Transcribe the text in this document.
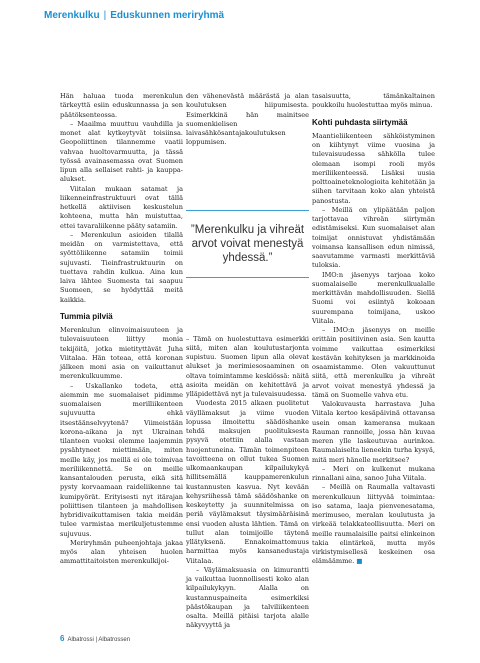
Merenkulku | Eduskunnen meriryhmä

Hän haluaa tuoda merenkulun tärkeyttä esiin eduskunnassa ja sen päätöksenteossa.

– Maailma muuttuu vauhdilla ja monet alat kytkeytyvät toisiinsa. Geopoliittinen tilannemme vaatii vahvaa huoltovarmuutta, ja tässä työssä avainasemassa ovat Suomen lipun alla sellaiset rahti- ja kauppa-alukset.

Viitalan mukaan satamat ja liikenneinfrastruktuuri ovat tällä hetkellä aktiivisen keskustelun kohteena, mutta hän muistuttaa, ettei tavaraliikenne pääty satamiin.

– Merenkulun asioiden tilallä meidän on varmistettava, että syöttöliikenne satamiin toimii sujuvasti. Tieinfrastruktuurin on tuettava rahdin kulkua. Aina kun laiva lähtee Suomesta tai saapuu Suomeen, se hyödyttää meitä kaikkia.

Tummia pilviä

Merenkulun elinvoimaisuuteen ja tulevaisuuteen liittyy monia tekijöitä, jotka mietityttävät Juha Viitalaa. Hän toteaa, että koronan jälkeen moni asia on vaikuttanut merenkulkuumme.

– Uskallanko todeta, että aiemmin me suomalaiset pidimme suomalaisen merilliikenteen sujuvuutta ehkä itsestäänselvyytenä? Viimeistään korona-aikana ja nyt Ukrainan tilanteen vuoksi olemme laajemmin pysähtyneet miettimään, miten meille käy, jos meillä ei ole toimivaa meriliikennettä. Se on meille kansantalouden perusta, eikä sitä pysty korvaamaan raideliikenne tai kumipyörät. Erityisesti nyt itärajan poliittisen tilanteen ja mahdollisen hybridivaikuttamisen takia meidän tulee varmistaa merikuljetustemme sujuvuus.

Meriryhmän puheenjohtaja jakaa myös alan yhteisen huolen ammattitaitoisten merenkulkijoi-

den vähenevästä määrästä ja alan koulutuksen hiipumisesta. Esimerkkinä hän mainitsee suomenkielisen laivasähkösantajakoulutuksen loppumisen.

”Merenkulku ja vihreät arvot voivat menestyä yhdessä.”

– Tämä on huolestuttava esimerkki siitä, miten alan koulutustarjonta supistuu. Suomen lipun alla olevat alukset ja merimiesosaaminen on oltava toimintamme keskiössä: näitä asioita meidän on kehitettävä ja ylläpidettävä nyt ja tulevaisuudessa.

Vuodesta 2015 alkaen puolitetut väyllämaksut ja viime vuoden lopussa ilmoitettu säädöshanke tehdä maksujen puolituksesta pysyvä otettiin alalla vastaan huojentuneina. Tämän toimenpiteen tavoitteena on ollut tukea Suomen ulkomaankaupan kilpailukykyä hillitsemällä kauppamerenkulun kustannusten kasvua. Nyt kevään kehysriihessä tämä säädöshanke on keskeytetty ja suunnitelmissa on periä väylämaksut täysimääräisinä ensi vuoden alusta lähtien. Tämä on tullut alan toimijoille täytenä yllätyksenä. Ennakoimattomuus harmittaa myös kansanedustaja Viitalaa.

– Väylämaksuasia on kimurantti ja vaikuttaa luonnollisesti koko alan kilpailukykyyn. Alalla on kustannuspaineita esimerkiksi päästökaupan ja talviliikenteen osalta. Meillä pitäisi tarjota alalle näkyvyyttä ja

tasaisuutta, tämänkaltainen poukkoilu huolestuttaa myös minua.

Kohti puhdasta siirtymää

Maantieliikenteen sähköistyminen on kiihtynyt viime vuosina ja tulevaisuudessa sähkölla tulee olemaan isompi rooli myös meriliikenteessä. Lisäksi uusia polttoaineteknologioita kehitetään ja siihen tarvitaan koko alan yhteistä panostusta.

– Meillä on ylipäätään paljon tarjottavaa vihreän siirtymän edistämiseksi. Kun suomalaiset alan toimijat onnistuvat yhdistämään voimansa kansallisen edun nimissä, saavutamme varmasti merkittäviä tuloksia.

IMO:n jäsenyys tarjoaa koko suomalaiselle merenkulkualalle merkittävän mahdollisuuden. Siellä Suomi voi esiintyä kokoaan suurempana toimijana, uskoo Viitala.

– IMO:n jäsenyys on meille erittäin positiivinen asia. Sen kautta voimme vaikuttaa esimerkiksi kestävän kehityksen ja markkinoida osaamistamme. Olen vakuuttunut siitä, että merenkulku ja vihreät arvot voivat menestyä yhdessä ja tämä on Suomelle vahva etu.

Valokuvausta harrastava Juha Viitala kertoo kesäpäivinä ottavansa usein oman kameransa mukaan Rauman rannoille, jossa hän kuvaa meren ylle laskeutuvaa aurinkoa. Raumalaiselta lieneekin turha kysyä, mitä meri hänelle merkitsee?

– Meri on kulkenut mukana rinnallani aina, sanoo Juha Viitala.

– Meillä on Raumalla valtavasti merenkulkuun liittyvää toimintaa: iso satama, laaja pienvenesatama, merimuseo, meralan koulutusta ja virkeää telakkateollisuutta. Meri on meille raumalaisille paitsi elinkeinon takia elintärkeä, mutta myös virkistymisellesä keskeinen osa elämäämme. ■

6 Albatrossi | Albatrossen
